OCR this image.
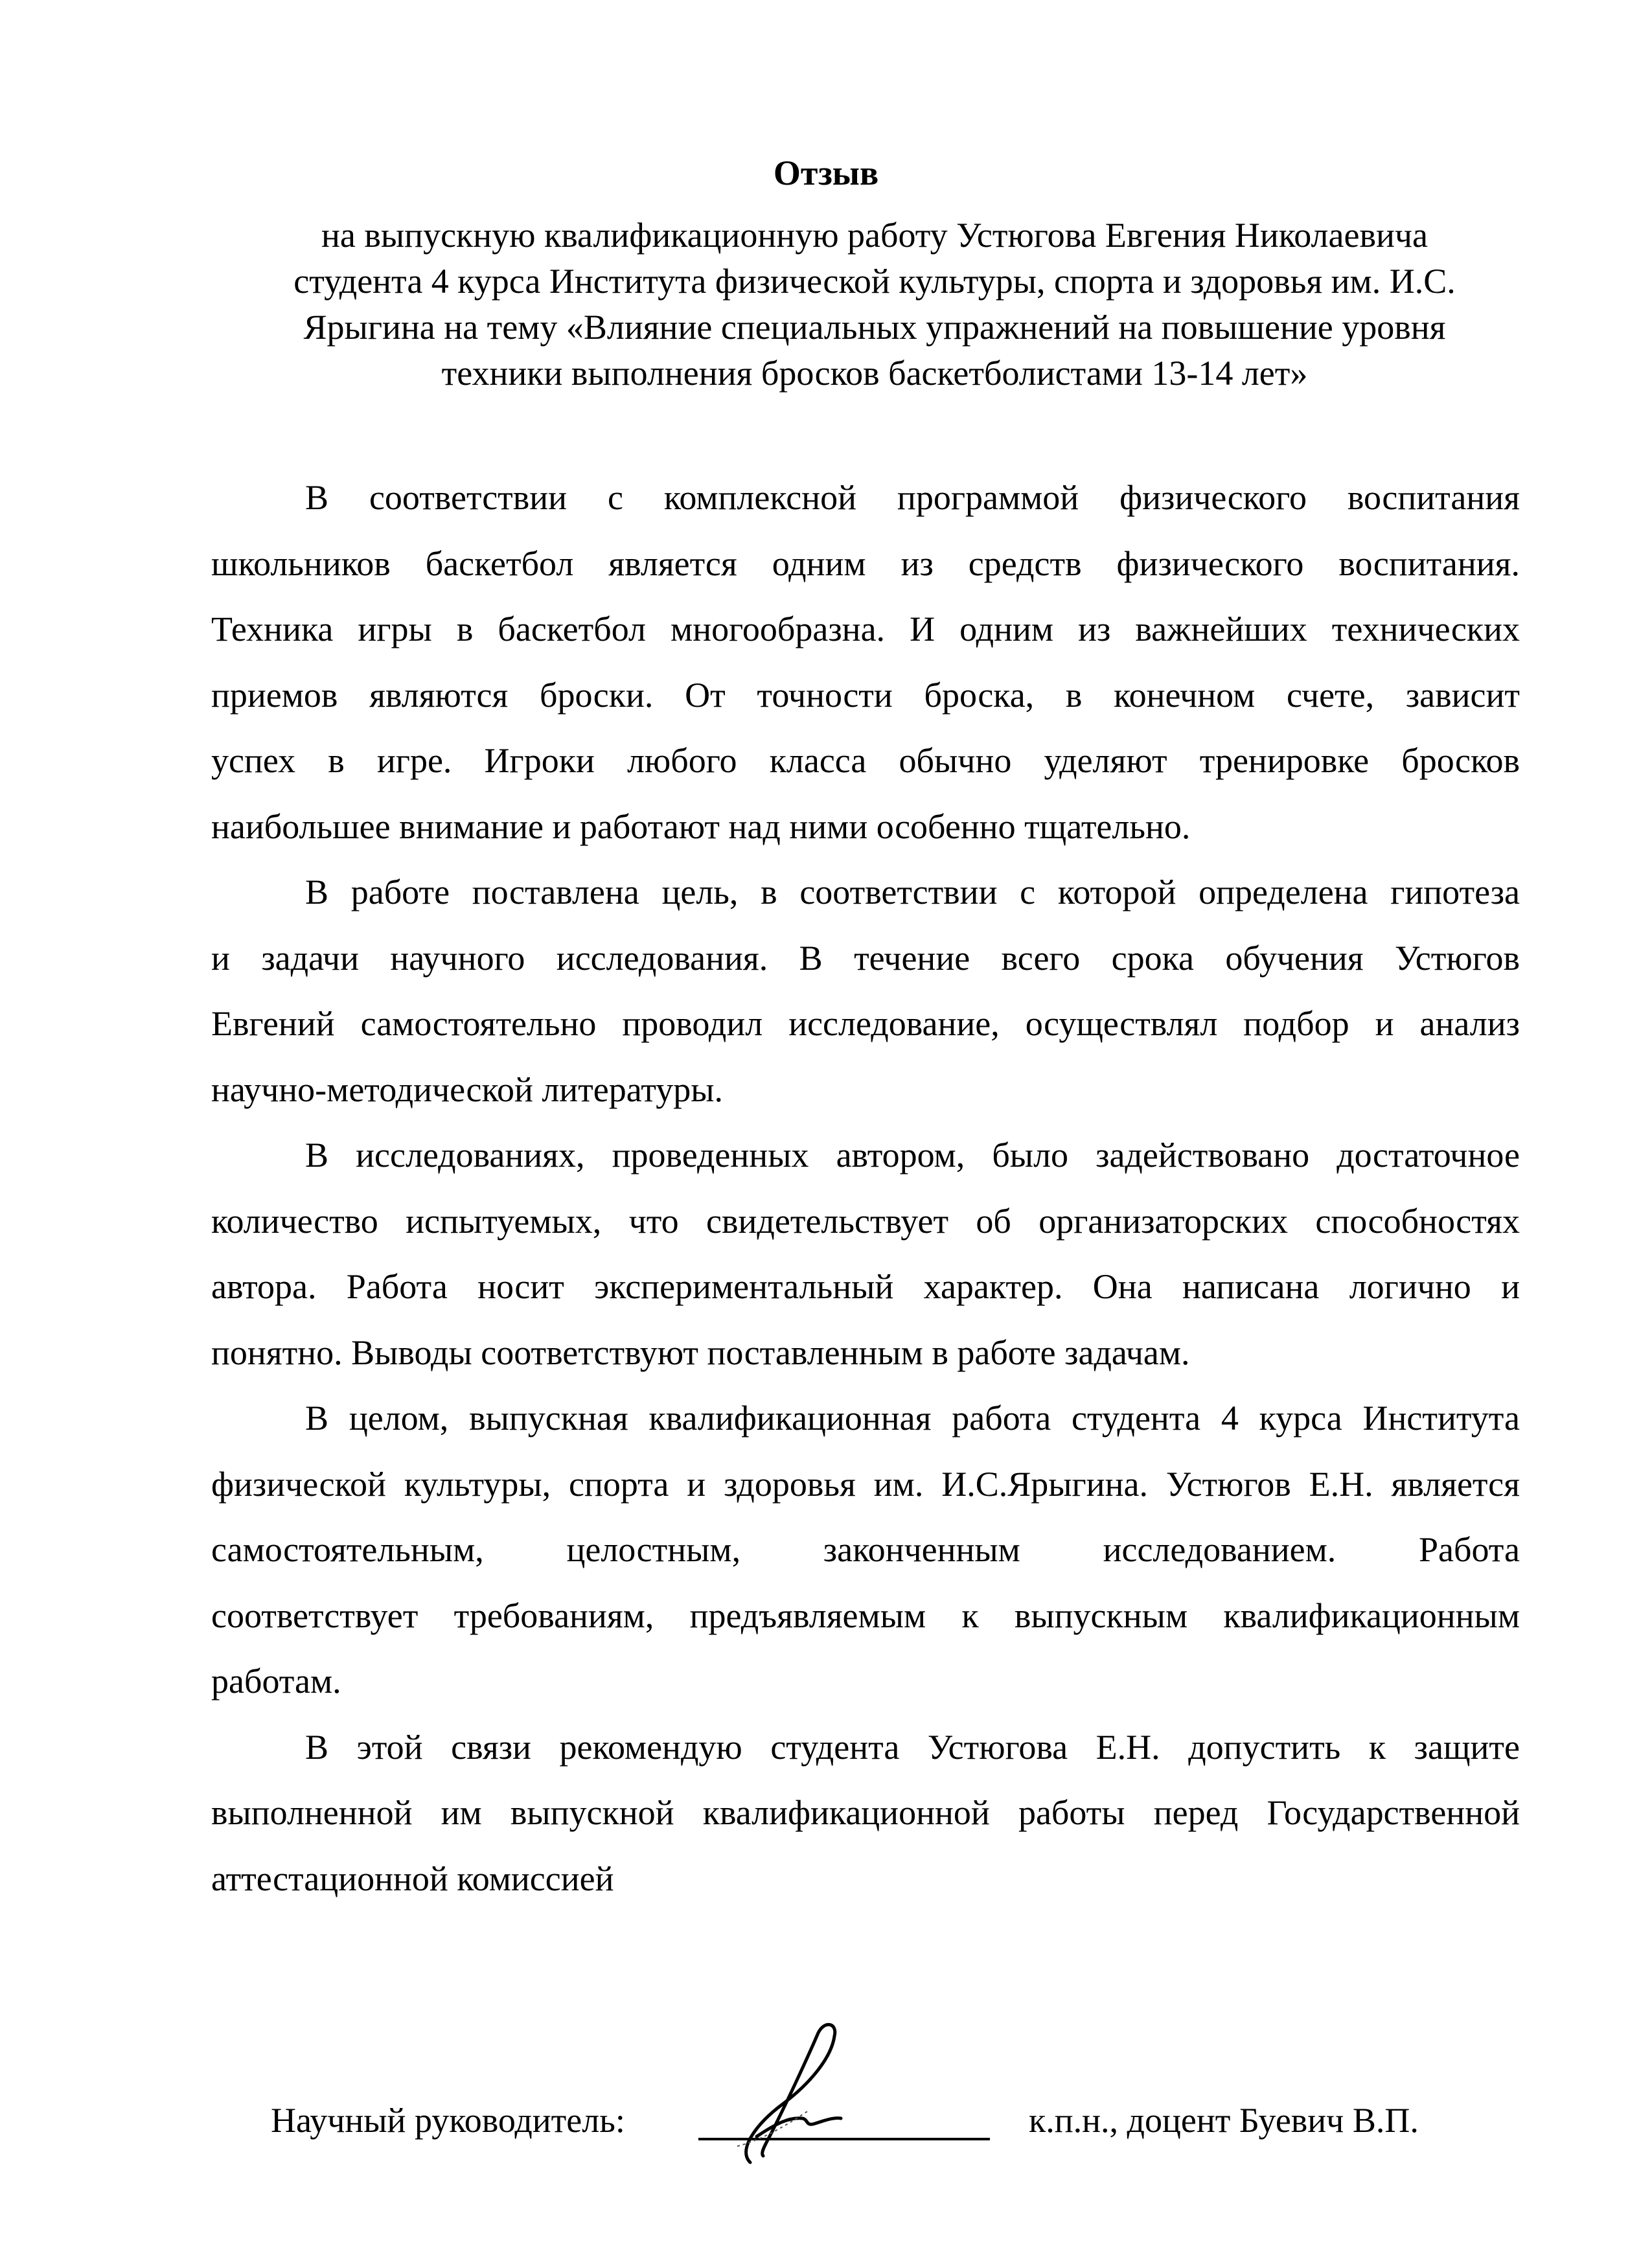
Отзыв
на выпускную квалификационную работу Устюгова Евгения Николаевича
студента 4 курса Института физической культуры, спорта и здоровья им. И.С.
Ярыгина на тему «Влияние специальных упражнений на повышение уровня
техники выполнения бросков баскетболистами 13-14 лет»

В соответствии с комплексной программой физического воспитания
школьников баскетбол является одним из средств физического воспитания.
Техника игры в баскетбол многообразна. И одним из важнейших технических
приемов являются броски. От точности броска, в конечном счете, зависит
успех в игре. Игроки любого класса обычно уделяют тренировке бросков
наибольшее внимание и работают над ними особенно тщательно.

В работе поставлена цель, в соответствии с которой определена гипотеза
и задачи научного исследования. В течение всего срока обучения Устюгов
Евгений самостоятельно проводил исследование, осуществлял подбор и анализ
научно-методической литературы.

В исследованиях, проведенных автором, было задействовано достаточное
количество испытуемых, что свидетельствует об организаторских способностях
автора. Работа носит экспериментальный характер. Она написана логично и
понятно. Выводы соответствуют поставленным в работе задачам.

В целом, выпускная квалификационная работа студента 4 курса Института
физической культуры, спорта и здоровья им. И.С.Ярыгина. Устюгов Е.Н. является
самостоятельным, целостным, законченным исследованием. Работа
соответствует требованиям, предъявляемым к выпускным квалификационным
работам.

В этой связи рекомендую студента Устюгова Е.Н. допустить к защите
выполненной им выпускной квалификационной работы перед Государственной
аттестационной комиссией

Научный руководитель:	к.п.н., доцент Буевич В.П.
